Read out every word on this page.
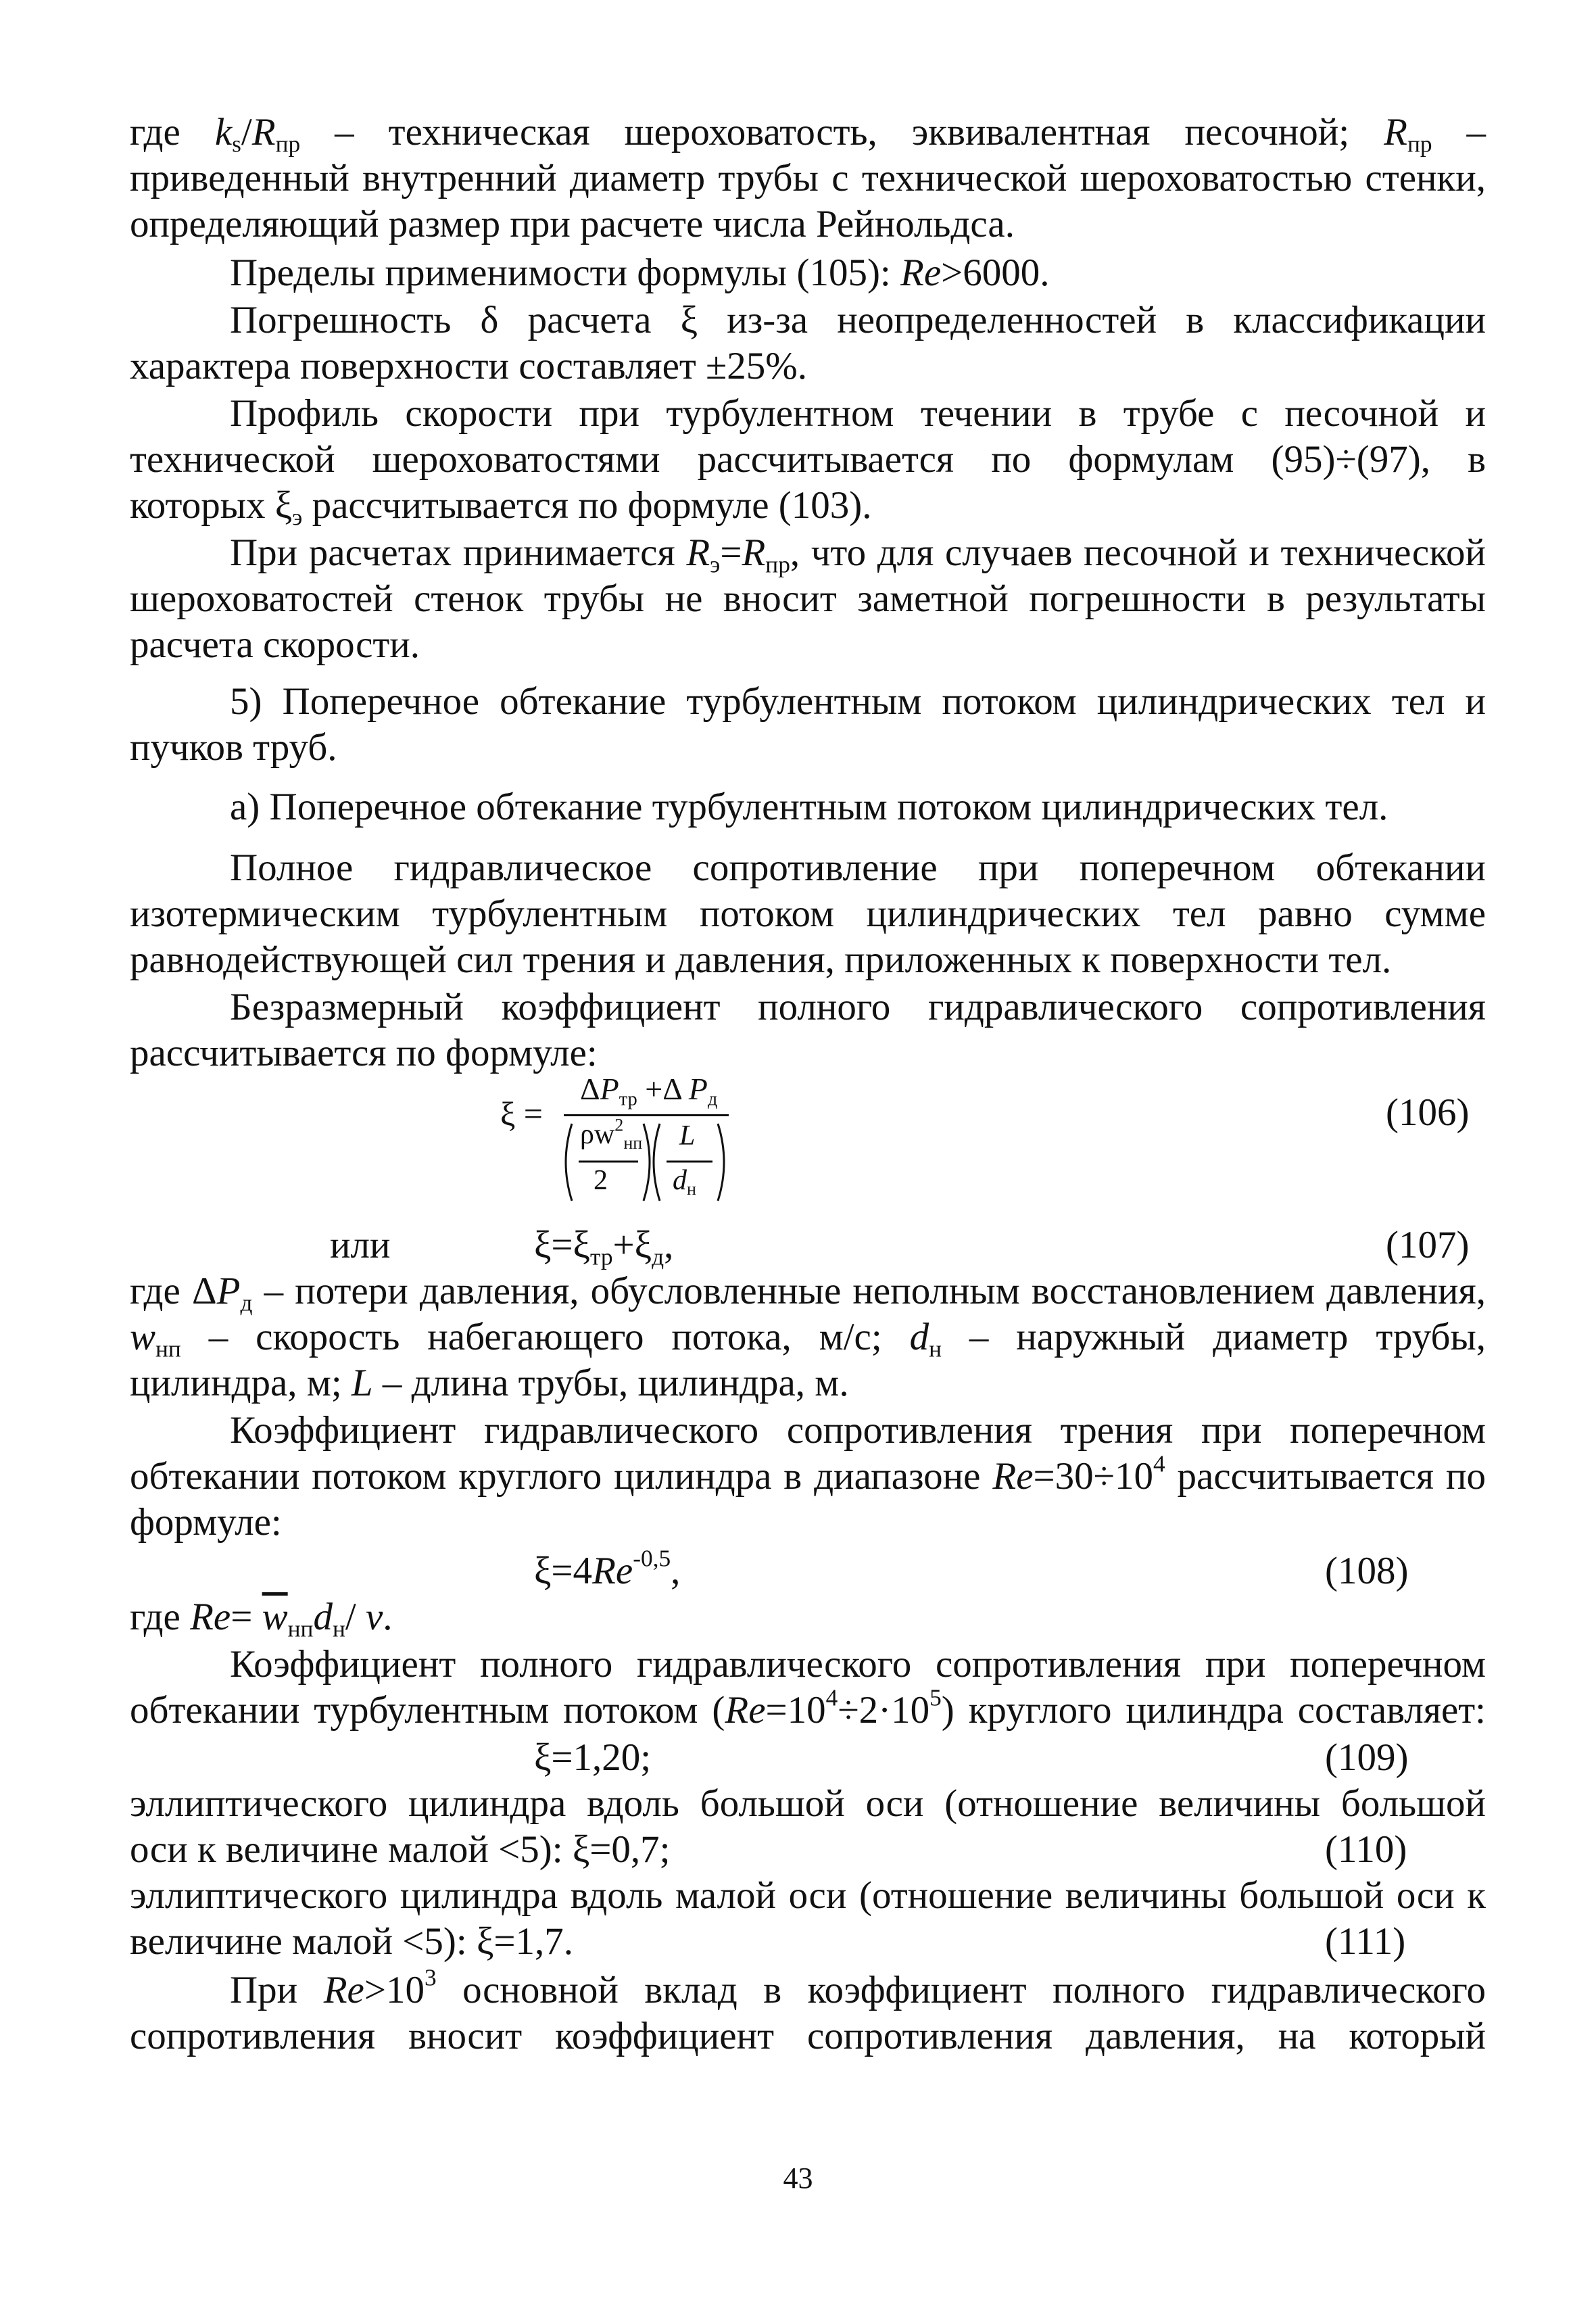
где $k_s/R_{пр}$ – техническая шероховатость, эквивалентная песочной; $R_{пр}$ –
приведенный внутренний диаметр трубы с технической шероховатостью стенки,
определяющий размер при расчете числа Рейнольдса.
Пределы применимости формулы (105): Re>6000.
Погрешность δ расчета ξ из-за неопределенностей в классификации
характера поверхности составляет ±25%.
Профиль скорости при турбулентном течении в трубе с песочной и
технической шероховатостями рассчитывается по формулам (95)÷(97), в
которых $\xi_э$ рассчитывается по формуле (103).
При расчетах принимается $R_э=R_{пр}$, что для случаев песочной и технической
шероховатостей стенок трубы не вносит заметной погрешности в результаты
расчета скорости.
5) Поперечное обтекание турбулентным потоком цилиндрических тел и
пучков труб.
а) Поперечное обтекание турбулентным потоком цилиндрических тел.
Полное гидравлическое сопротивление при поперечном обтекании
изотермическим турбулентным потоком цилиндрических тел равно сумме
равнодействующей сил трения и давления, приложенных к поверхности тел.
Безразмерный коэффициент полного гидравлического сопротивления
рассчитывается по формуле:
ξ =
$\Delta P_{тр} +\Delta$ $P_д$
$\rho w^2_{нп}$
2
L
$d_н$
(106)
или	$\xi=\xi_{тр}+\xi_д$,	(107)
где $\Delta P_д$ – потери давления, обусловленные неполным восстановлением давления,
$w_{нп}$ – скорость набегающего потока, м/с; $d_н$ – наружный диаметр трубы,
цилиндра, м; L – длина трубы, цилиндра, м.
Коэффициент гидравлического сопротивления трения при поперечном
обтекании потоком круглого цилиндра в диапазоне $Re=30\div 10^4$ рассчитывается по
формуле:
$\xi=4Re^{-0,5}$,	(108)
где $Re= \overline{w}_{нп}d_н/$ ν.
Коэффициент полного гидравлического сопротивления при поперечном
обтекании турбулентным потоком $(Re=10^4\div 2\cdot 10^5)$ круглого цилиндра составляет:
ξ=1,20;	(109)
эллиптического цилиндра вдоль большой оси (отношение величины большой
оси к величине малой <5): ξ=0,7;	(110)
эллиптического цилиндра вдоль малой оси (отношение величины большой оси к
величине малой <5): ξ=1,7.	(111)
При $Re>10^3$ основной вклад в коэффициент полного гидравлического
сопротивления вносит коэффициент сопротивления давления, на который
43
